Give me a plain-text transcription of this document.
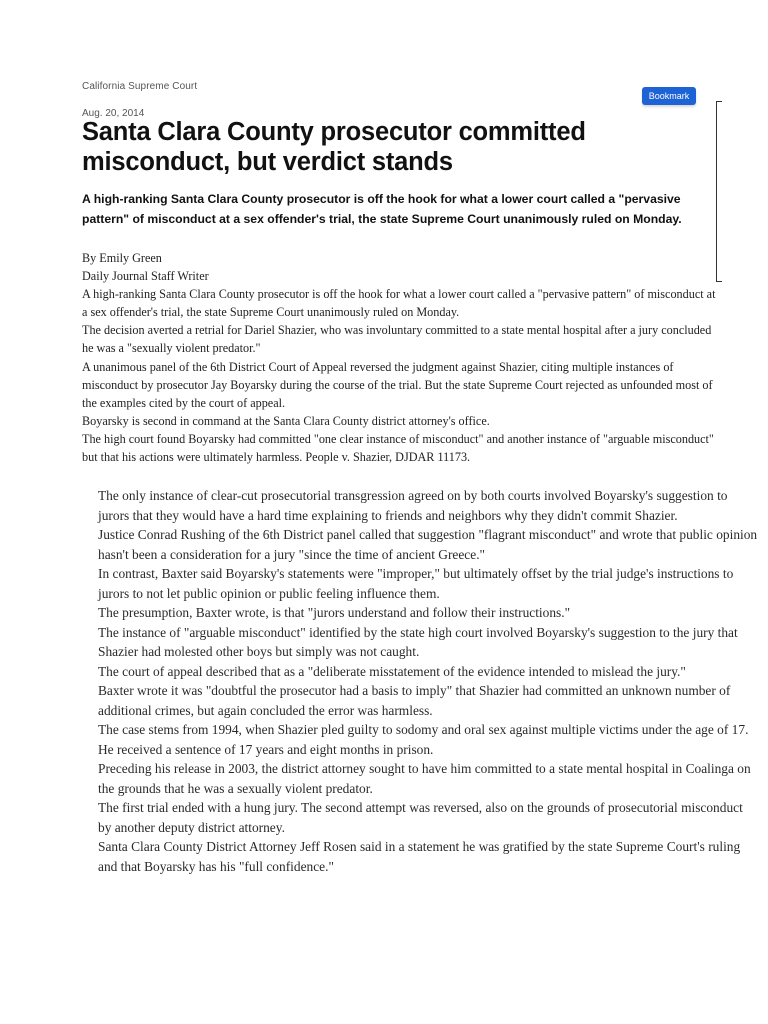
California Supreme Court
Aug. 20, 2014
Bookmark
Santa Clara County prosecutor committed misconduct, but verdict stands

A high-ranking Santa Clara County prosecutor is off the hook for what a lower court called a "pervasive pattern" of misconduct at a sex offender's trial, the state Supreme Court unanimously ruled on Monday.

By Emily Green

Daily Journal Staff Writer

A high-ranking Santa Clara County prosecutor is off the hook for what a lower court called a "pervasive pattern" of misconduct at a sex offender's trial, the state Supreme Court unanimously ruled on Monday.

The decision averted a retrial for Dariel Shazier, who was involuntary committed to a state mental hospital after a jury concluded he was a "sexually violent predator."

A unanimous panel of the 6th District Court of Appeal reversed the judgment against Shazier, citing multiple instances of misconduct by prosecutor Jay Boyarsky during the course of the trial. But the state Supreme Court rejected as unfounded most of the examples cited by the court of appeal.

Boyarsky is second in command at the Santa Clara County district attorney's office.

The high court found Boyarsky had committed "one clear instance of misconduct" and another instance of "arguable misconduct" but that his actions were ultimately harmless. People v. Shazier, DJDAR 11173.

The only instance of clear-cut prosecutorial transgression agreed on by both courts involved Boyarsky's suggestion to jurors that they would have a hard time explaining to friends and neighbors why they didn't commit Shazier.

Justice Conrad Rushing of the 6th District panel called that suggestion "flagrant misconduct" and wrote that public opinion hasn't been a consideration for a jury "since the time of ancient Greece."

In contrast, Baxter said Boyarsky's statements were "improper," but ultimately offset by the trial judge's instructions to jurors to not let public opinion or public feeling influence them.

The presumption, Baxter wrote, is that "jurors understand and follow their instructions."

The instance of "arguable misconduct" identified by the state high court involved Boyarsky's suggestion to the jury that Shazier had molested other boys but simply was not caught.

The court of appeal described that as a "deliberate misstatement of the evidence intended to mislead the jury."

Baxter wrote it was "doubtful the prosecutor had a basis to imply" that Shazier had committed an unknown number of additional crimes, but again concluded the error was harmless.

The case stems from 1994, when Shazier pled guilty to sodomy and oral sex against multiple victims under the age of 17. He received a sentence of 17 years and eight months in prison.

Preceding his release in 2003, the district attorney sought to have him committed to a state mental hospital in Coalinga on the grounds that he was a sexually violent predator.

The first trial ended with a hung jury. The second attempt was reversed, also on the grounds of prosecutorial misconduct by another deputy district attorney.

Santa Clara County District Attorney Jeff Rosen said in a statement he was gratified by the state Supreme Court's ruling and that Boyarsky has his "full confidence."
